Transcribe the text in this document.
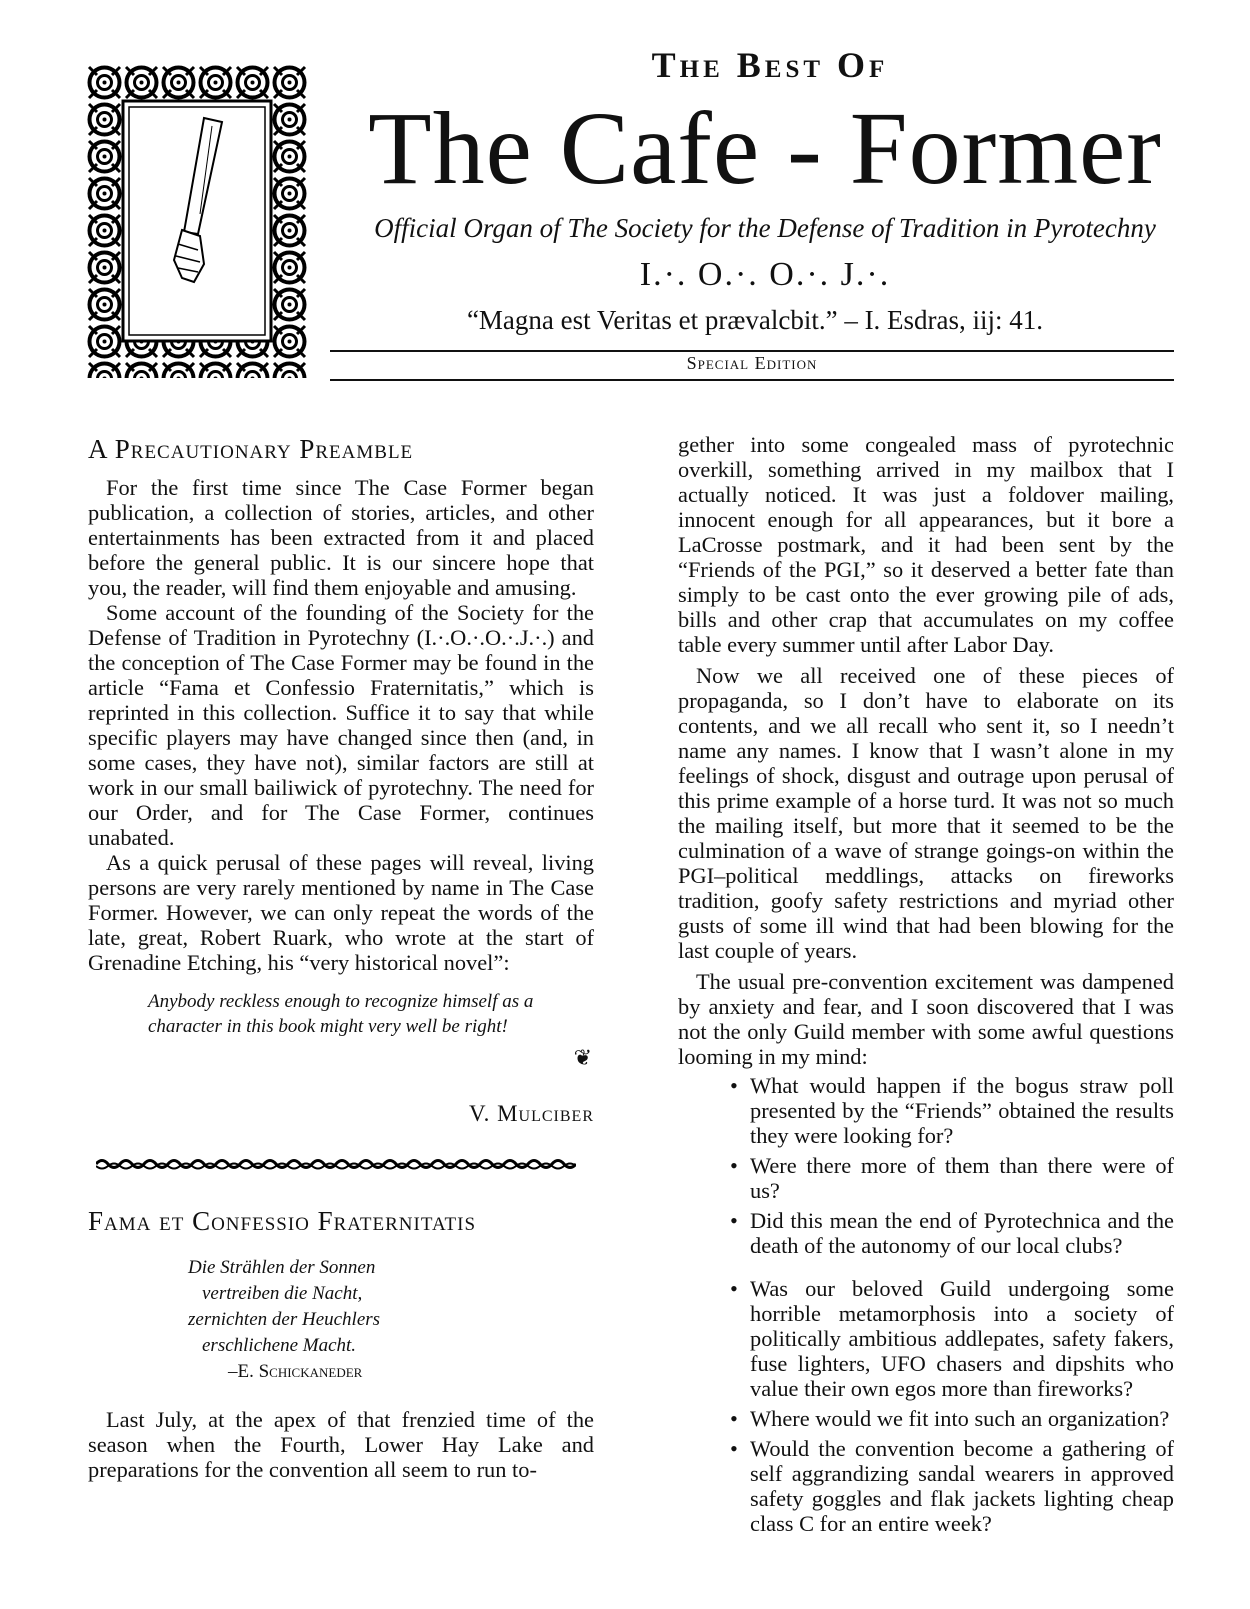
The Best Of
The Cafe - Former
Official Organ of The Society for the Defense of Tradition in Pyrotechny
I.·. O.·. O.·. J.·.
“Magna est Veritas et prævalcbit.” – I. Esdras, iij: 41.
Special Edition
A Precautionary Preamble

For the first time since The Case Former began publication, a collection of stories, articles, and other entertainments has been extracted from it and placed before the general public. It is our sincere hope that you, the reader, will find them enjoyable and amusing.

Some account of the founding of the Society for the Defense of Tradition in Pyrotechny (I.·.O.·.O.·.J.·.) and the conception of The Case Former may be found in the article “Fama et Confessio Fraternitatis,” which is reprinted in this collection. Suffice it to say that while specific players may have changed since then (and, in some cases, they have not), similar factors are still at work in our small bailiwick of pyrotechny. The need for our Order, and for The Case Former, continues unabated.

As a quick perusal of these pages will reveal, living persons are very rarely mentioned by name in The Case Former. However, we can only repeat the words of the late, great, Robert Ruark, who wrote at the start of Grenadine Etching, his “very historical novel”:

Anybody reckless enough to recognize himself as a character in this book might very well be right!
❦
V. Mulciber
Fama et Confessio Fraternitatis
Die Strählen der Sonnen
vertreiben die Nacht,
zernichten der Heuchlers
erschlichene Macht.
–E. Schickaneder

Last July, at the apex of that frenzied time of the season when the Fourth, Lower Hay Lake and preparations for the convention all seem to run to-

gether into some congealed mass of pyrotechnic overkill, something arrived in my mailbox that I actually noticed. It was just a foldover mailing, innocent enough for all appearances, but it bore a LaCrosse postmark, and it had been sent by the “Friends of the PGI,” so it deserved a better fate than simply to be cast onto the ever growing pile of ads, bills and other crap that accumulates on my coffee table every summer until after Labor Day.

Now we all received one of these pieces of propaganda, so I don’t have to elaborate on its contents, and we all recall who sent it, so I needn’t name any names. I know that I wasn’t alone in my feelings of shock, disgust and outrage upon perusal of this prime example of a horse turd. It was not so much the mailing itself, but more that it seemed to be the culmination of a wave of strange goings-on within the PGI–political meddlings, attacks on fireworks tradition, goofy safety restrictions and myriad other gusts of some ill wind that had been blowing for the last couple of years.

The usual pre-convention excitement was dampened by anxiety and fear, and I soon discovered that I was not the only Guild member with some awful questions looming in my mind:

• What would happen if the bogus straw poll presented by the “Friends” obtained the results they were looking for?
• Were there more of them than there were of us?
• Did this mean the end of Pyrotechnica and the death of the autonomy of our local clubs?
• Was our beloved Guild undergoing some horrible metamorphosis into a society of politically ambitious addlepates, safety fakers, fuse lighters, UFO chasers and dipshits who value their own egos more than fireworks?
• Where would we fit into such an organization?
• Would the convention become a gathering of self aggrandizing sandal wearers in approved safety goggles and flak jackets lighting cheap class C for an entire week?
